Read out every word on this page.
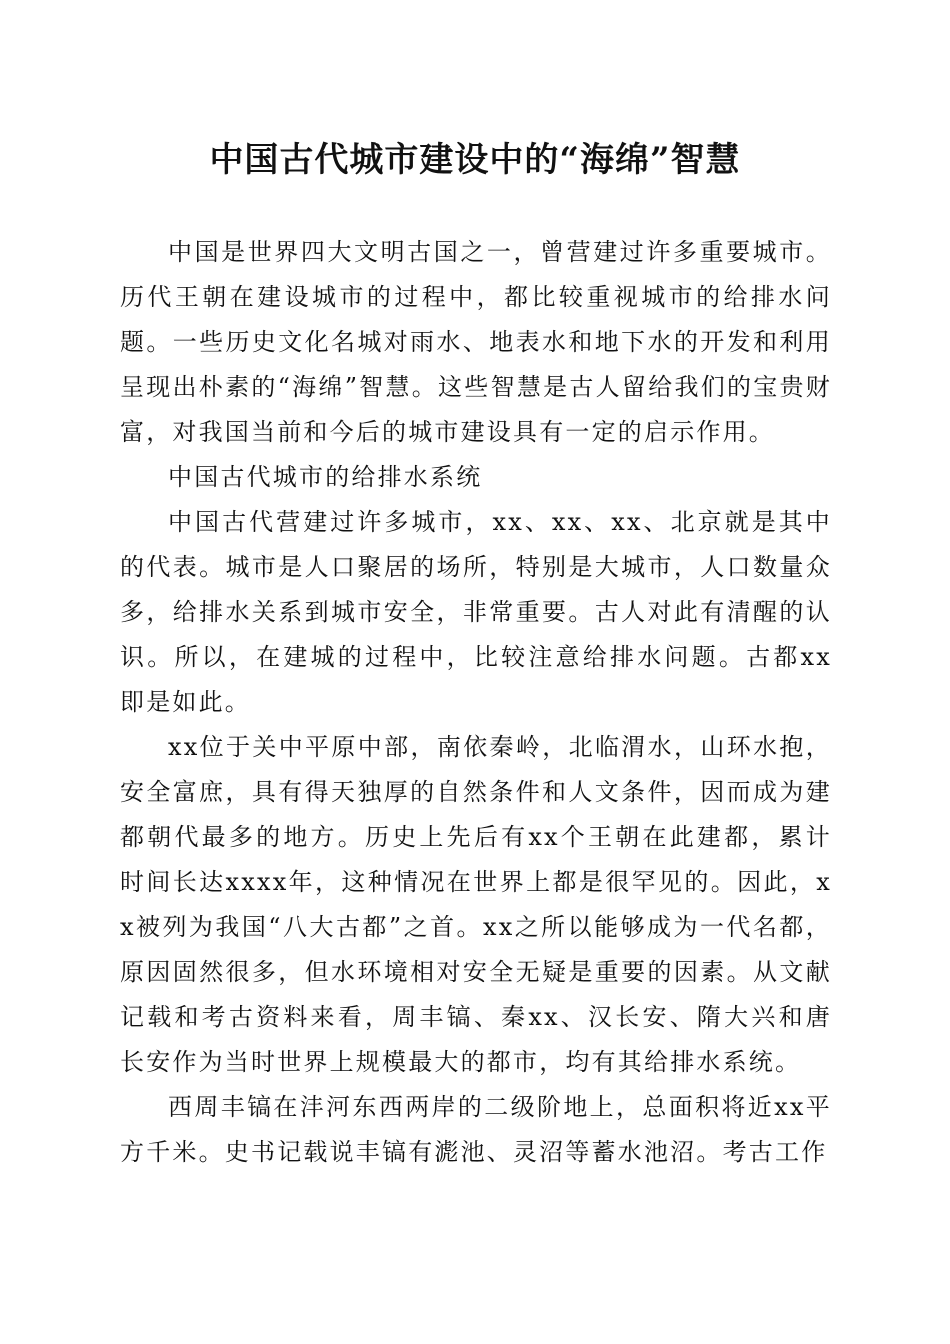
中国古代城市建设中的“海绵”智慧

中国是世界四大文明古国之一，曾营建过许多重要城市。历代王朝在建设城市的过程中，都比较重视城市的给排水问题。一些历史文化名城对雨水、地表水和地下水的开发和利用呈现出朴素的“海绵”智慧。这些智慧是古人留给我们的宝贵财富，对我国当前和今后的城市建设具有一定的启示作用。

中国古代城市的给排水系统

中国古代营建过许多城市，xx、xx、xx、北京就是其中的代表。城市是人口聚居的场所，特别是大城市，人口数量众多，给排水关系到城市安全，非常重要。古人对此有清醒的认识。所以，在建城的过程中，比较注意给排水问题。古都xx即是如此。

xx位于关中平原中部，南依秦岭，北临渭水，山环水抱，安全富庶，具有得天独厚的自然条件和人文条件，因而成为建都朝代最多的地方。历史上先后有xx个王朝在此建都，累计时间长达xxxx年，这种情况在世界上都是很罕见的。因此，xx被列为我国“八大古都”之首。xx之所以能够成为一代名都，原因固然很多，但水环境相对安全无疑是重要的因素。从文献记载和考古资料来看，周丰镐、秦xx、汉长安、隋大兴和唐长安作为当时世界上规模最大的都市，均有其给排水系统。

西周丰镐在沣河东西两岸的二级阶地上，总面积将近xx平方千米。史书记载说丰镐有滮池、灵沼等蓄水池沼。考古工作
